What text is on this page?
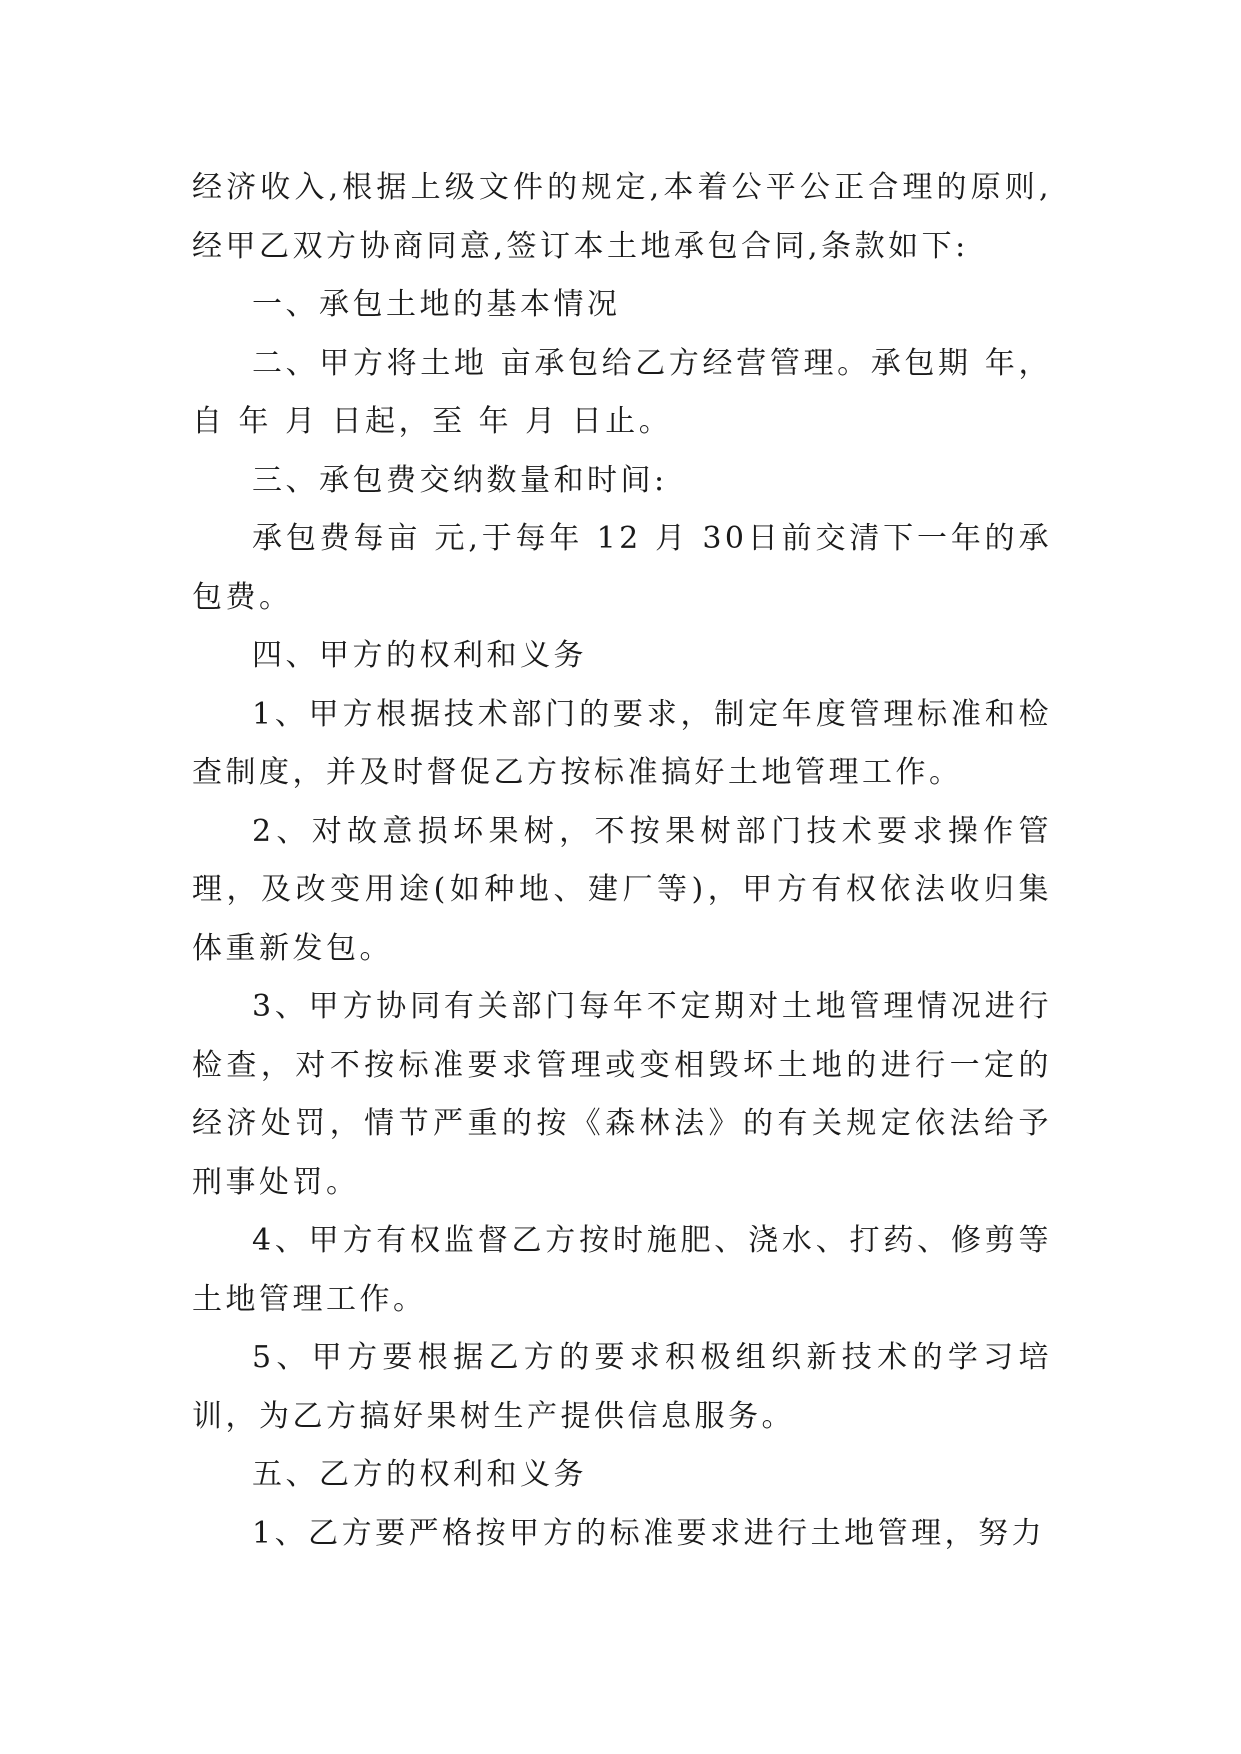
经济收入,根据上级文件的规定,本着公平公正合理的原则,经甲乙双方协商同意,签订本土地承包合同,条款如下:

一、承包土地的基本情况

二、甲方将土地 亩承包给乙方经营管理。承包期 年，自 年 月 日起，至 年 月 日止。

三、承包费交纳数量和时间:

承包费每亩 元,于每年 12 月 30日前交清下一年的承包费。

四、甲方的权利和义务

1、甲方根据技术部门的要求，制定年度管理标准和检查制度，并及时督促乙方按标准搞好土地管理工作。

2、对故意损坏果树，不按果树部门技术要求操作管理，及改变用途(如种地、建厂等)，甲方有权依法收归集体重新发包。

3、甲方协同有关部门每年不定期对土地管理情况进行检查，对不按标准要求管理或变相毁坏土地的进行一定的经济处罚，情节严重的按《森林法》的有关规定依法给予刑事处罚。

4、甲方有权监督乙方按时施肥、浇水、打药、修剪等土地管理工作。

5、甲方要根据乙方的要求积极组织新技术的学习培训，为乙方搞好果树生产提供信息服务。

五、乙方的权利和义务

1、乙方要严格按甲方的标准要求进行土地管理，努力
